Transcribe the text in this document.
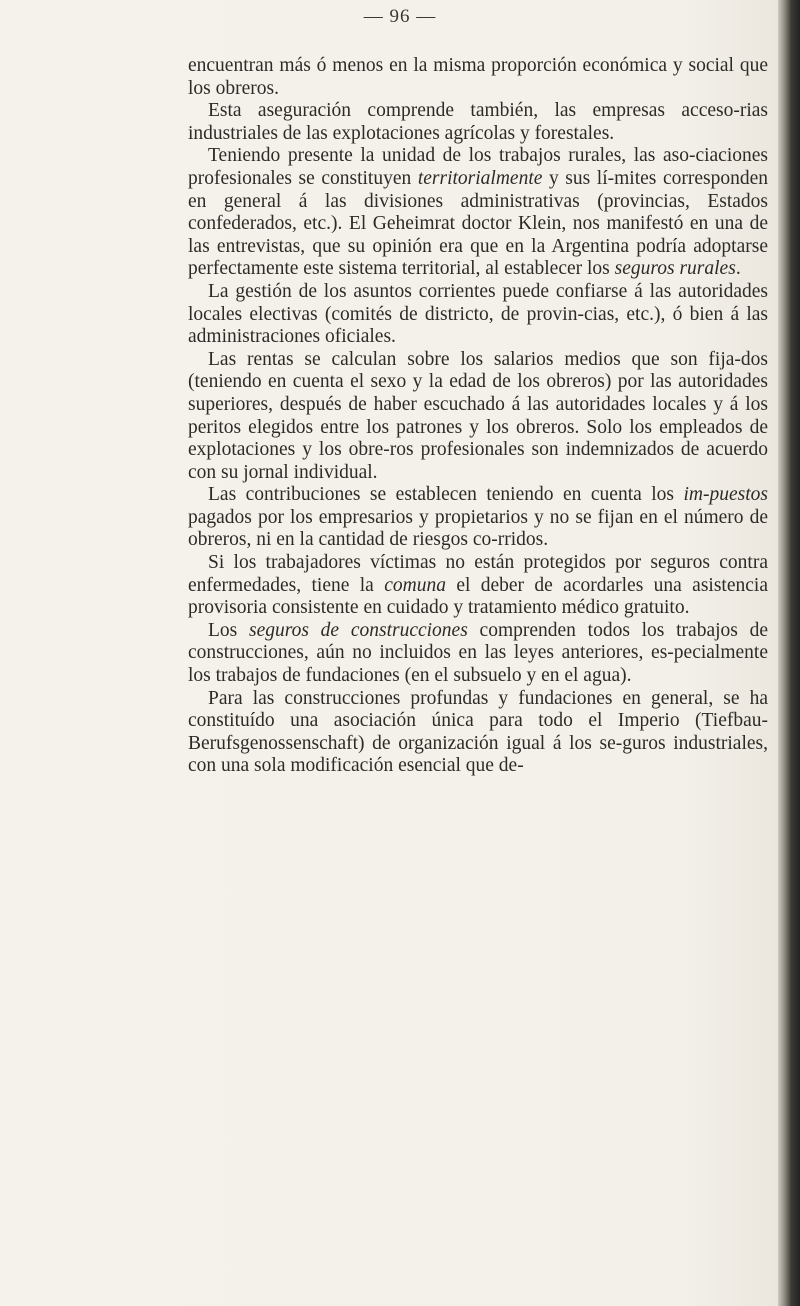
— 96 —

encuentran más ó menos en la misma proporción económica y social que los obreros.

Esta aseguración comprende también, las empresas acceso-rias industriales de las explotaciones agrícolas y forestales.

Teniendo presente la unidad de los trabajos rurales, las aso-ciaciones profesionales se constituyen territorialmente y sus lí-mites corresponden en general á las divisiones administrativas (provincias, Estados confederados, etc.). El Geheimrat doctor Klein, nos manifestó en una de las entrevistas, que su opinión era que en la Argentina podría adoptarse perfectamente este sistema territorial, al establecer los seguros rurales.

La gestión de los asuntos corrientes puede confiarse á las autoridades locales electivas (comités de districto, de provin-cias, etc.), ó bien á las administraciones oficiales.

Las rentas se calculan sobre los salarios medios que son fija-dos (teniendo en cuenta el sexo y la edad de los obreros) por las autoridades superiores, después de haber escuchado á las autoridades locales y á los peritos elegidos entre los patrones y los obreros. Solo los empleados de explotaciones y los obre-ros profesionales son indemnizados de acuerdo con su jornal individual.

Las contribuciones se establecen teniendo en cuenta los im-puestos pagados por los empresarios y propietarios y no se fijan en el número de obreros, ni en la cantidad de riesgos co-rridos.

Si los trabajadores víctimas no están protegidos por seguros contra enfermedades, tiene la comuna el deber de acordarles una asistencia provisoria consistente en cuidado y tratamiento médico gratuito.

Los seguros de construcciones comprenden todos los trabajos de construcciones, aún no incluidos en las leyes anteriores, es-pecialmente los trabajos de fundaciones (en el subsuelo y en el agua).

Para las construcciones profundas y fundaciones en general, se ha constituído una asociación única para todo el Imperio (Tiefbau-Berufsgenossenschaft) de organización igual á los se-guros industriales, con una sola modificación esencial que de-
